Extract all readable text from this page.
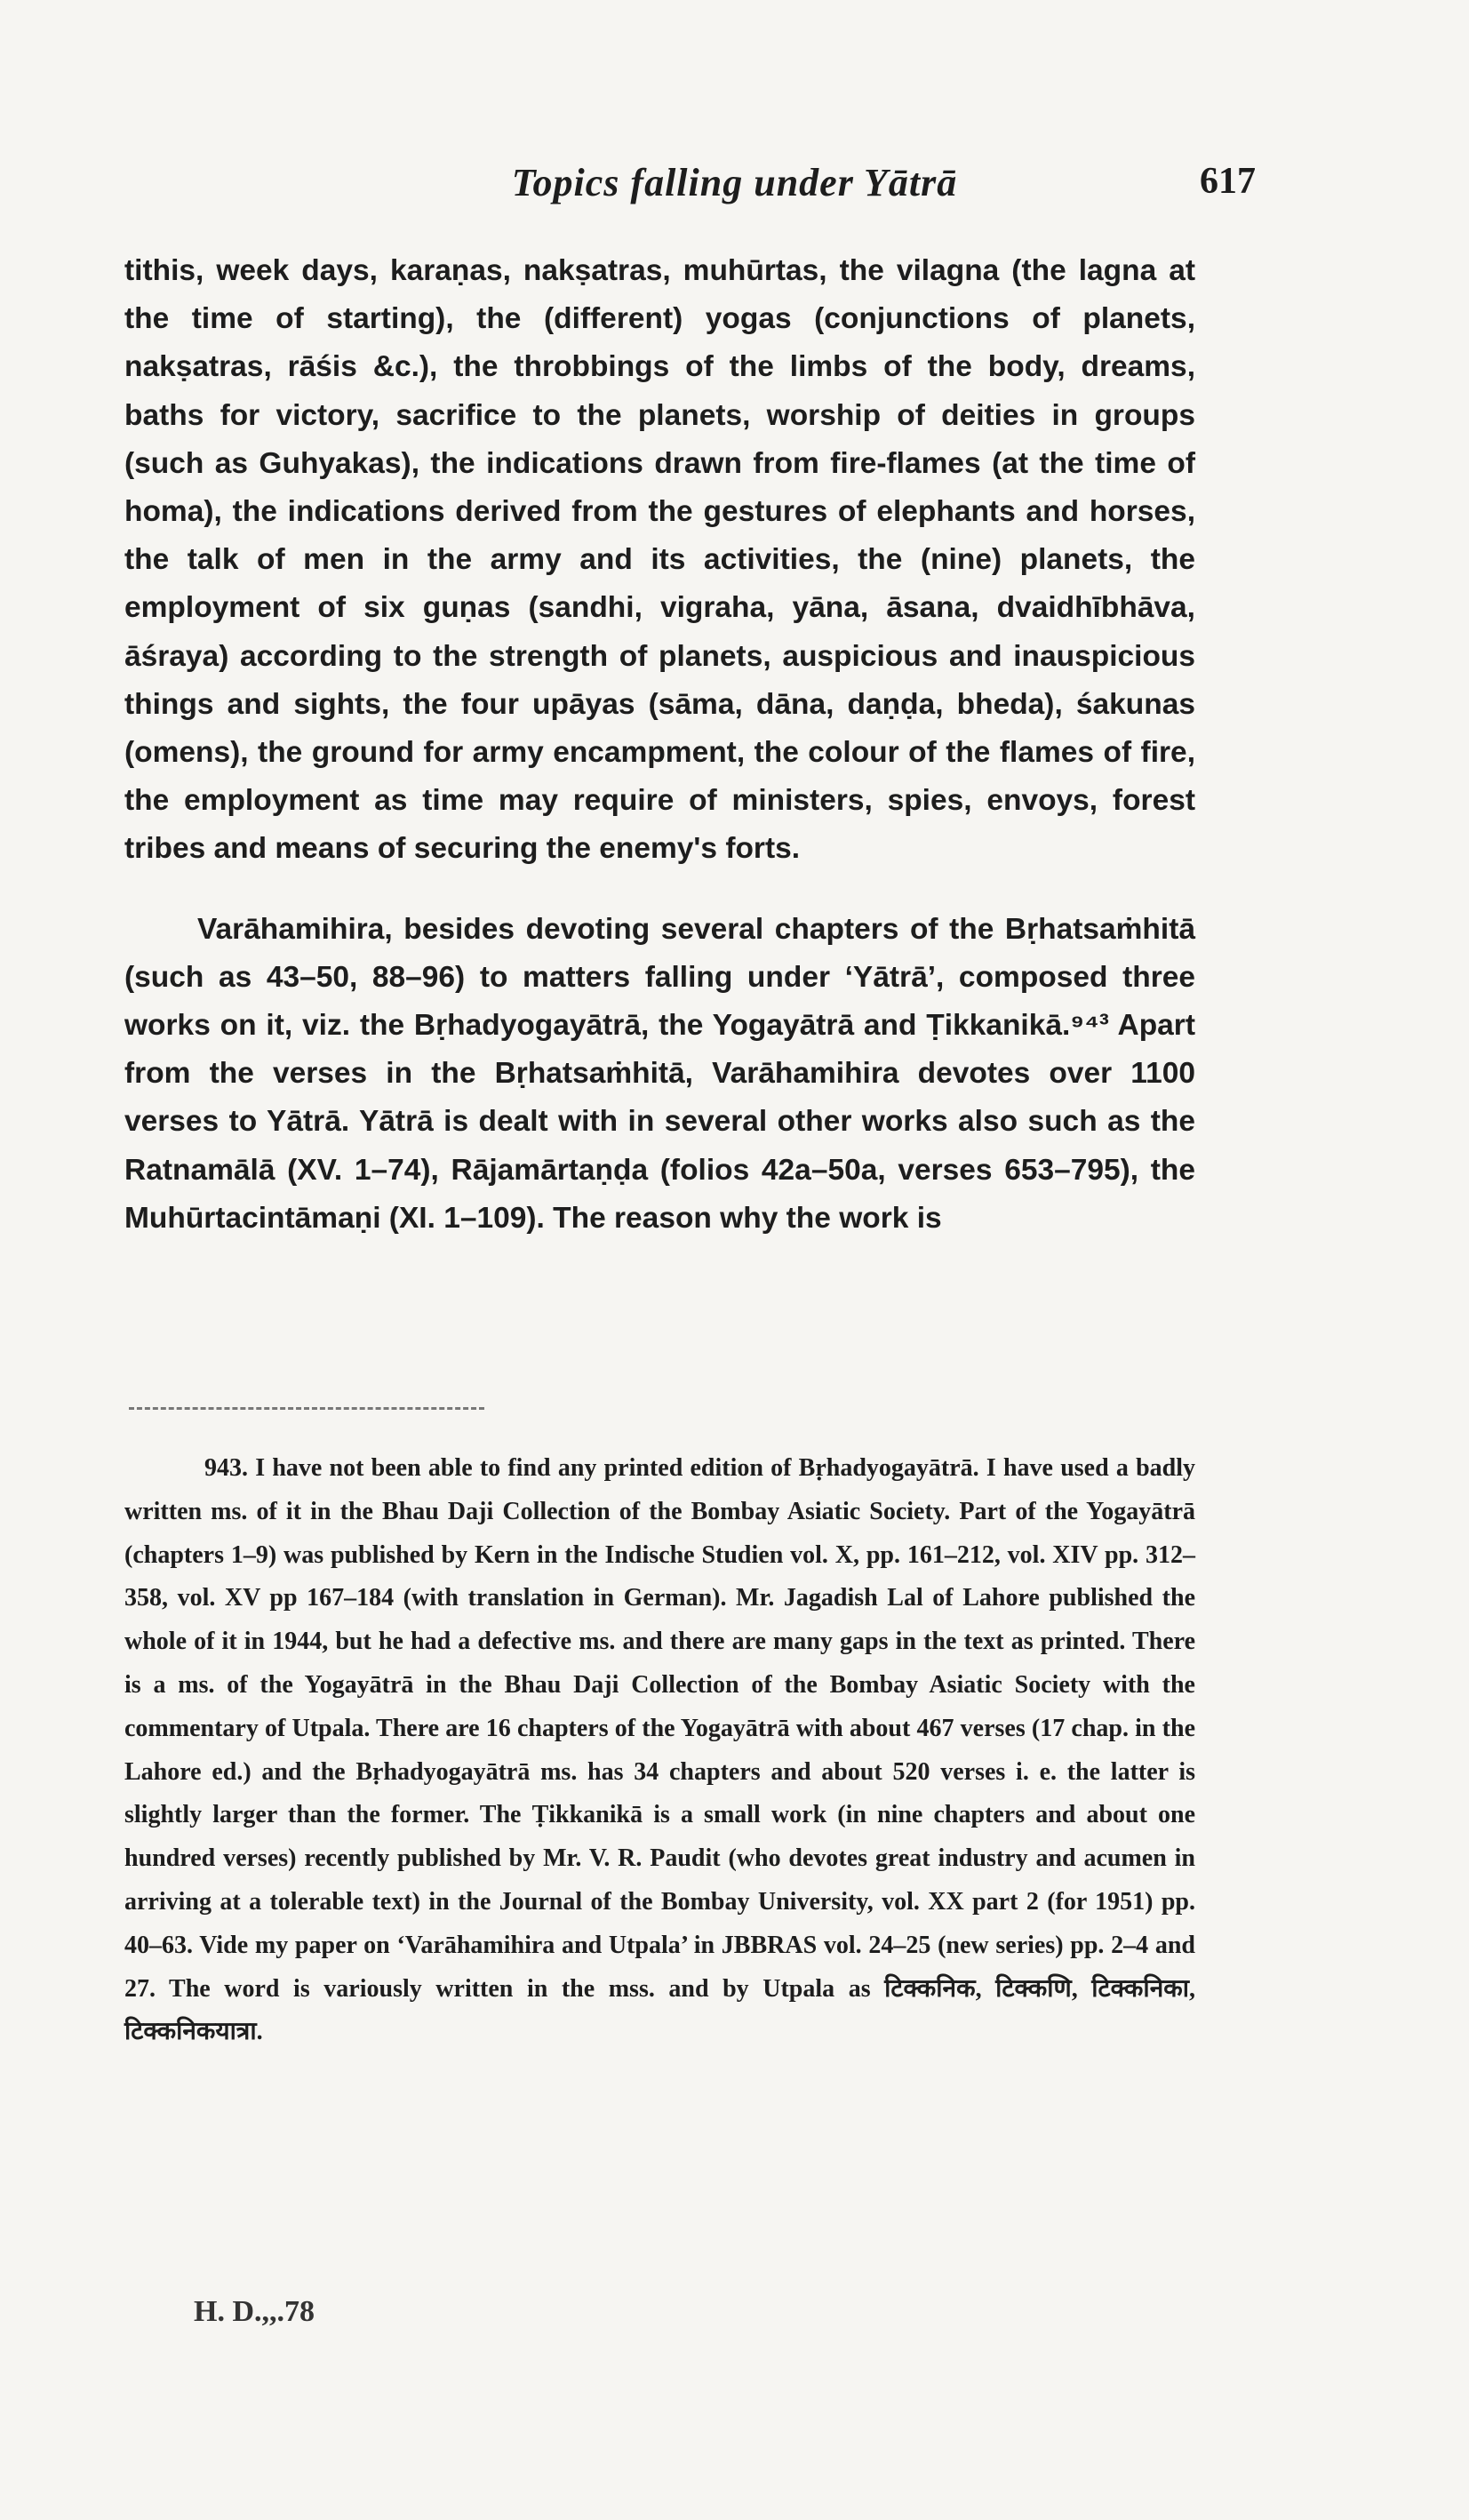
Topics falling under Yātrā	617

tithis, week days, karaṇas, nakṣatras, muhūrtas, the vilagna (the lagna at the time of starting), the (different) yogas (conjunctions of planets, nakṣatras, rāśis &c.), the throbbings of the limbs of the body, dreams, baths for victory, sacrifice to the planets, worship of deities in groups (such as Guhyakas), the indications drawn from fire-flames (at the time of homa), the indications derived from the gestures of elephants and horses, the talk of men in the army and its activities, the (nine) planets, the employment of six guṇas (sandhi, vigraha, yāna, āsana, dvaidhībhāva, āśraya) according to the strength of planets, auspicious and inauspicious things and sights, the four upāyas (sāma, dāna, daṇḍa, bheda), śakunas (omens), the ground for army encampment, the colour of the flames of fire, the employment as time may require of ministers, spies, envoys, forest tribes and means of securing the enemy's forts.

Varāhamihira, besides devoting several chapters of the Bṛhatsaṁhitā (such as 43–50, 88–96) to matters falling under ‘Yātrā’, composed three works on it, viz. the Bṛhadyogayātrā, the Yogayātrā and Ṭikkanikā.⁹⁴³ Apart from the verses in the Bṛhatsaṁhitā, Varāhamihira devotes over 1100 verses to Yātrā. Yātrā is dealt with in several other works also such as the Ratnamālā (XV. 1–74), Rājamārtaṇḍa (folios 42a–50a, verses 653–795), the Muhūrtacintāmaṇi (XI. 1–109). The reason why the work is

943. I have not been able to find any printed edition of Bṛhadyogayātrā. I have used a badly written ms. of it in the Bhau Daji Collection of the Bombay Asiatic Society. Part of the Yogayātrā (chapters 1–9) was published by Kern in the Indische Studien vol. X, pp. 161–212, vol. XIV pp. 312–358, vol. XV pp 167–184 (with translation in German). Mr. Jagadish Lal of Lahore published the whole of it in 1944, but he had a defective ms. and there are many gaps in the text as printed. There is a ms. of the Yogayātrā in the Bhau Daji Collection of the Bombay Asiatic Society with the commentary of Utpala. There are 16 chapters of the Yogayātrā with about 467 verses (17 chap. in the Lahore ed.) and the Bṛhadyogayātrā ms. has 34 chapters and about 520 verses i. e. the latter is slightly larger than the former. The Ṭikkanikā is a small work (in nine chapters and about one hundred verses) recently published by Mr. V. R. Paudit (who devotes great industry and acumen in arriving at a tolerable text) in the Journal of the Bombay University, vol. XX part 2 (for 1951) pp. 40–63. Vide my paper on ‘Varāhamihira and Utpala’ in JBBRAS vol. 24–25 (new series) pp. 2–4 and 27. The word is variously written in the mss. and by Utpala as टिक्कनिक, टिक्कणि, टिक्कनिका, टिक्कनिकयात्रा.
H. D.,,.78
